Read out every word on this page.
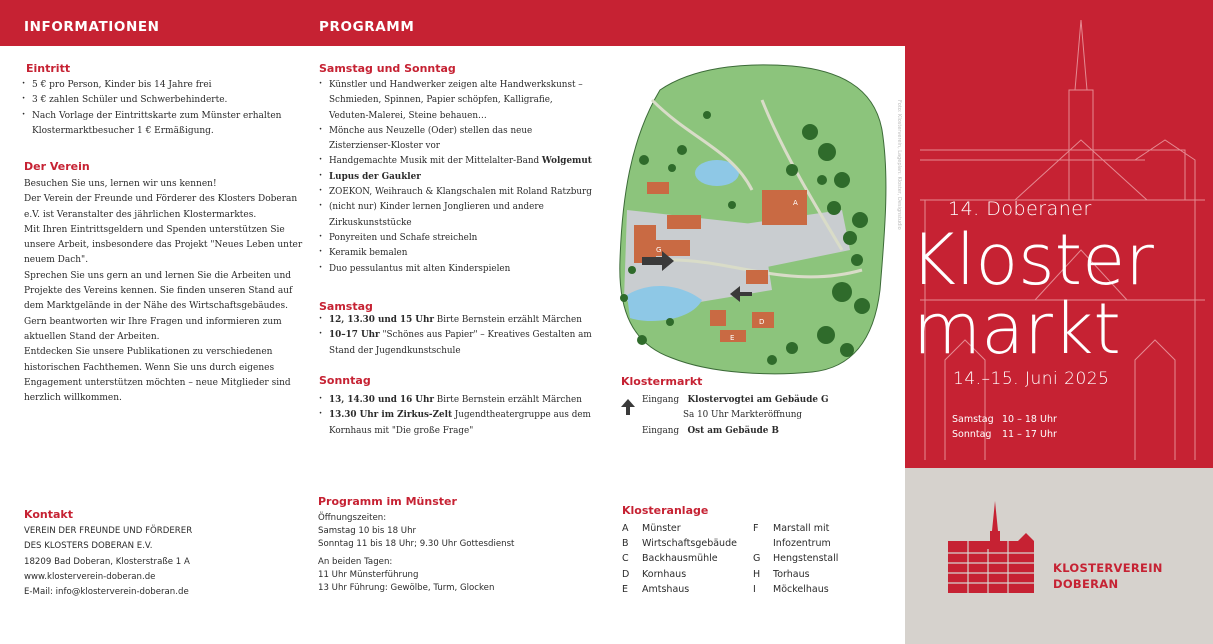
INFORMATIONEN	PROGRAMM
Eintritt
· 5 € pro Person, Kinder bis 14 Jahre frei
· 3 € zahlen Schüler und Schwerbehinderte.
· Nach Vorlage der Eintrittskarte zum Münster erhalten
Klostermarktbesucher 1 € Ermäßigung.
Der Verein

Besuchen Sie uns, lernen wir uns kennen!

Der Verein der Freunde und Förderer des Klosters Doberan

e.V. ist Veranstalter des jährlichen Klostermarktes.

Mit Ihren Eintrittsgeldern und Spenden unterstützen Sie

unsere Arbeit, insbesondere das Projekt "Neues Leben unter

neuem Dach".

Sprechen Sie uns gern an und lernen Sie die Arbeiten und

Projekte des Vereins kennen. Sie finden unseren Stand auf

dem Marktgelände in der Nähe des Wirtschaftsgebäudes.

Gern beantworten wir Ihre Fragen und informieren zum

aktuellen Stand der Arbeiten.

Entdecken Sie unsere Publikationen zu verschiedenen

historischen Fachthemen. Wenn Sie uns durch eigenes

Engagement unterstützen möchten – neue Mitglieder sind

herzlich willkommen.

Kontakt

VEREIN DER FREUNDE UND FÖRDERER

DES KLOSTERS DOBERAN E.V.

18209 Bad Doberan, Klosterstraße 1 A

www.klosterverein-doberan.de

E-Mail: info@klosterverein-doberan.de

Samstag und Sonntag
· Künstler und Handwerker zeigen alte Handwerkskunst –
Schmieden, Spinnen, Papier schöpfen, Kalligrafie,
Veduten-Malerei, Steine behauen…
· Mönche aus Neuzelle (Oder) stellen das neue
Zisterzienser-Kloster vor
· Handgemachte Musik mit der Mittelalter-Band Wolgemut
· Lupus der Gaukler
· ZOEKON, Weihrauch & Klangschalen mit Roland Ratzburg
· (nicht nur) Kinder lernen Jonglieren und andere
Zirkuskunststücke
· Ponyreiten und Schafe streicheln
· Keramik bemalen
· Duo pessulantus mit alten Kinderspielen
Samstag
· 12, 13.30 und 15 Uhr Birte Bernstein erzählt Märchen
· 10–17 Uhr "Schönes aus Papier" – Kreatives Gestalten am
Stand der Jugendkunstschule
Sonntag
· 13, 14.30 und 16 Uhr Birte Bernstein erzählt Märchen
· 13.30 Uhr im Zirkus-Zelt Jugendtheatergruppe aus dem
Kornhaus mit "Die große Frage"
Programm im Münster

Öffnungszeiten:

Samstag 10 bis 18 Uhr

Sonntag 11 bis 18 Uhr; 9.30 Uhr Gottesdienst

An beiden Tagen:

11 Uhr Münsterführung

13 Uhr Führung: Gewölbe, Turm, Glocken

A
D
E
G
Foto: Klosterverein, Lageplan: Kloster, Designstudio
Klostermarkt

Eingang Klostervogtei am Gebäude G

Sa 10 Uhr Markteröffnung

Eingang Ost am Gebäude B

Klosteranlage
A	Münster
B	Wirtschaftsgebäude
C	Backhausmühle
D	Kornhaus
E	Amtshaus
F	Marstall mit
Infozentrum
G	Hengstenstall
H	Torhaus
I	Möckelhaus
14. Doberaner
Kloster
markt
14.–15. Juni 2025
Samstag 10 – 18 Uhr
Sonntag 11 – 17 Uhr
KLOSTERVEREIN
DOBERAN
